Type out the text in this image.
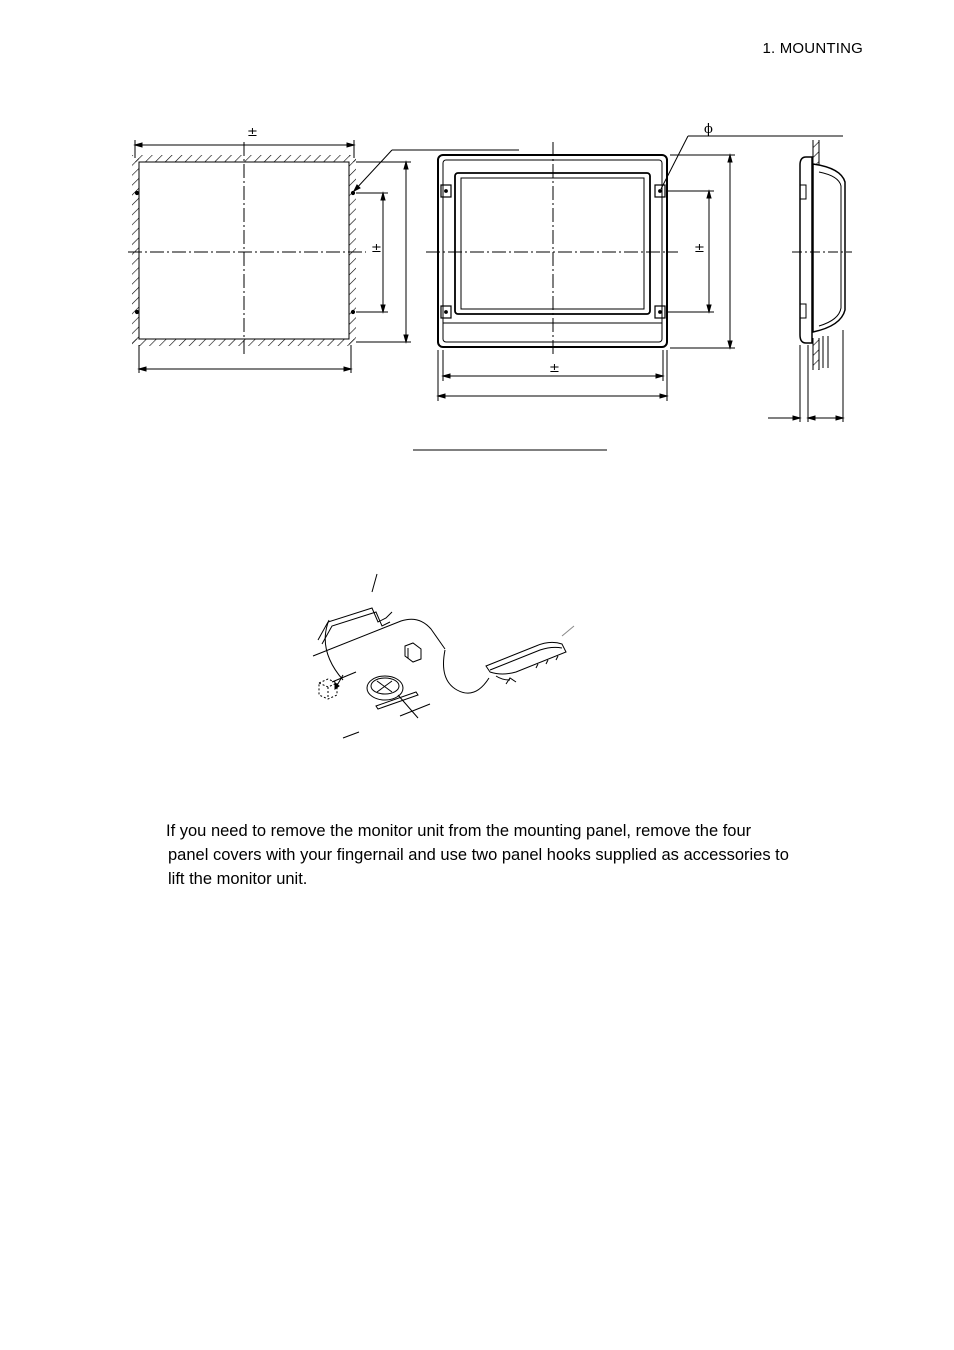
1. MOUNTING
±
±
±
±
ϕ
If you need to remove the monitor unit from the mounting panel, remove the four
panel covers with your fingernail and use two panel hooks supplied as accessories to
lift the monitor unit.
